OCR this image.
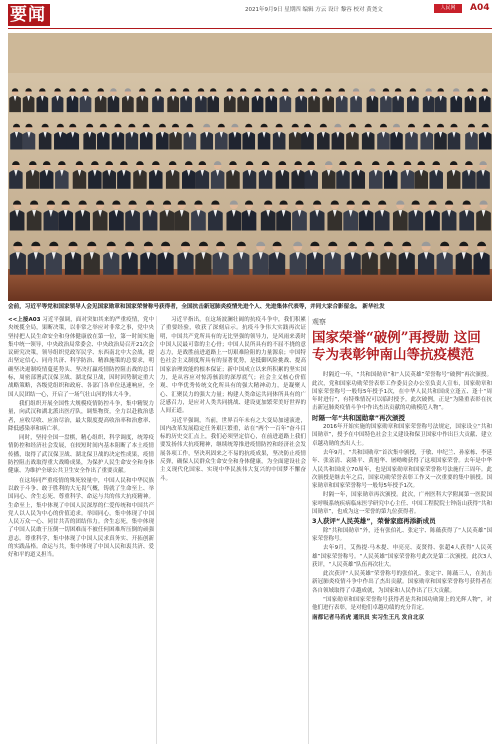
要闻	2021年9月9日 星期四 编辑 方云 设计 黎容 校对 黄尧文	人民网	A04
会前，习近平等党和国家领导人会见国家勋章和国家荣誉称号获得者，全国抗击新冠肺炎疫情先进个人、先进集体代表等，并同大家合影留念。 新华社发

<<上接A03 习近平强调，面对突如其来的严重疫情，党中央统揽全局，果断决策，以非常之举应对非常之事，党中央坚持把人民生命安全和身体健康放在第一位，第一时间实施集中统一领导，中央政治局常委会、中央政治局召开21次会议研究决策，领导组织党政军民学、东西南北中大会战，提出坚定信心、同舟共济、科学防治、精准施策的总要求，明确坚决遏制疫情蔓延势头、坚决打赢疫情防控阻击战的总目标，周密部署武汉保卫战、湖北保卫战，因时因势制定重大战略策略，各级党组织和政府、各部门各单位迅速响应，全国人民团结一心，开启了一场气壮山河的伟大斗争。

我们组织开展全国性大规模疫情防控斗争，集中精锐力量，向武汉和湖北派出医疗队，调集物资，全力以赴救治患者，应收尽收、应治尽治，最大限度提高收治率和治愈率、降低感染率和病亡率。

同时，坚持全国一盘棋，精心组织、科学调度，统筹疫情防控和经济社会发展，在较短时间内基本阻断了本土疫情传播，取得了武汉保卫战、湖北保卫战的决定性成果，疫情防控阻击战取得重大战略成果，为保护人民生命安全和身体健康、为维护全球公共卫生安全作出了重要贡献。

在这场同严重疫情的殊死较量中，中国人民和中华民族以敢于斗争、敢于胜利的大无畏气概，铸就了生命至上、举国同心、舍生忘死、尊重科学、命运与共的伟大抗疫精神。生命至上，集中体现了中国人民深厚的仁爱传统和中国共产党人以人民为中心的价值追求。举国同心，集中体现了中国人民万众一心、同甘共苦的团结伟力。舍生忘死，集中体现了中国人民敢于压倒一切困难而不被任何困难所压倒的顽强意志。尊重科学，集中体现了中国人民求真务实、开拓创新的实践品格。命运与共，集中体现了中国人民和衷共济、爱好和平的道义担当。

习近平指出，在这场波澜壮阔的抗疫斗争中，我们积累了重要经验，收获了深刻启示。抗疫斗争伟大实践再次证明，中国共产党所具有的无比坚强的领导力，是风雨来袭时中国人民最可靠的主心骨；中国人民所具有的不屈不挠的意志力，是战胜前进道路上一切艰难险阻的力量源泉；中国特色社会主义制度所具有的显著优势，是抵御风险挑战、提高国家治理效能的根本保证；新中国成立以来所积累的坚实国力，是从容应对惊涛骇浪的深厚底气；社会主义核心价值观、中华优秀传统文化所具有的强大精神动力，是凝聚人心、汇聚民力的强大力量；构建人类命运共同体所具有的广泛感召力，是应对人类共同挑战、建设更加繁荣美好世界的人间正道。

习近平强调，当前，世界百年未有之大变局加速演进，国内改革发展稳定任务艰巨繁重，站在“两个一百年”奋斗目标的历史交汇点上，我们必须坚定信心，在前进道路上我们要发扬伟大抗疫精神，继续统筹推进疫情防控和经济社会发展各项工作，坚决巩固来之不易的抗疫成果，坚决防止疫情反弹，确保人民群众生命安全和身体健康，为全面建设社会主义现代化国家、实现中华民族伟大复兴的中国梦不懈奋斗。

观察
国家荣誉“破例”再授勋 这回专为表彰钟南山等抗疫模范

时隔近一年，“共和国勋章”和“人民英雄”荣誉称号“破例”再次颁授。此次，党和国家功勋荣誉表彰工作委员会办公室负责人宣布，国家勋章和国家荣誉称号一般每5年授予1次，在中华人民共和国成立逢五、逢十“周年时进行”，有特殊情况可以临时授予。此次破例，正是“为隆重表彰在抗击新冠肺炎疫情斗争中作出杰出贡献的功勋模范人物”。

时隔一年“共和国勋章”再次颁授

2016年开始实施的国家勋章和国家荣誉称号法规定，国家设立“共和国勋章”，授予在中国特色社会主义建设和保卫国家中作出巨大贡献、建立卓越功勋的杰出人士。

去年9月，“共和国勋章”首次集中颁授，于敏、申纪兰、孙家栋、李延年、张富清、袁隆平、黄旭华、屠呦呦获得了这项国家荣誉。去年是中华人民共和国成立70周年，也是国家勋章和国家荣誉称号法施行三周年。此次颁授是继去年之后，国家功勋荣誉表彰工作又一次重要的集中颁授。国家勋章和国家荣誉称号一般每5年授予1次。

时隔一年，国家勋章再次颁授。此次，广州医科大学附属第一医院国家呼吸系统疾病临床医学研究中心主任、中国工程院院士钟南山获得“共和国勋章”，也成为这一荣誉的第九位获得者。

3人获评“人民英雄”，荣誉家庭再添新成员

除“共和国勋章”外，还有张伯礼、张定宇、陈薇获得了“人民英雄”国家荣誉称号。

去年9月，艾热提·马木提、申亮亮、麦贤得、张超4人获得“人民英雄”国家荣誉称号。“人民英雄”国家荣誉称号此次是第二次颁授。此次3人获评，“人民英雄”队伍再次壮大。

此次获评“人民英雄”荣誉称号的张伯礼、张定宇、陈薇三人，在抗击新冠肺炎疫情斗争中作出了杰出贡献。国家勋章和国家荣誉称号获得者在各自领域取得了卓越成就，为国家和人民作出了巨大贡献。

“国家勋章和国家荣誉称号获得者是共和国功勋簿上的光辉人物”，对他们进行表彰，是对他们卓越功绩的充分肯定。

南都记者马若虎 通讯员 实习生王凡 发自北京
